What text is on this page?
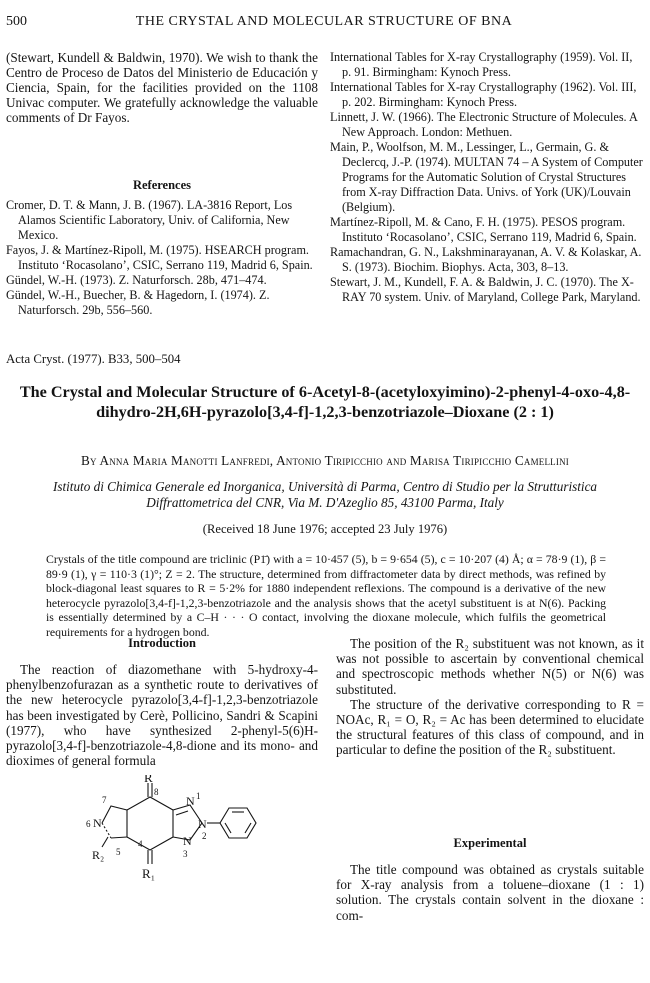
500	THE CRYSTAL AND MOLECULAR STRUCTURE OF BNA
(Stewart, Kundell & Baldwin, 1970). We wish to thank the Centro de Proceso de Datos del Ministerio de Educación y Ciencia, Spain, for the facilities provided on the 1108 Univac computer. We gratefully acknowledge the valuable comments of Dr Fayos.
References

Cromer, D. T. & Mann, J. B. (1967). LA-3816 Report, Los Alamos Scientific Laboratory, Univ. of California, New Mexico.

Fayos, J. & Martínez-Ripoll, M. (1975). HSEARCH program. Instituto ‘Rocasolano’, CSIC, Serrano 119, Madrid 6, Spain.

Gündel, W.-H. (1973). Z. Naturforsch. 28b, 471–474.

Gündel, W.-H., Buecher, B. & Hagedorn, I. (1974). Z. Naturforsch. 29b, 556–560.

International Tables for X-ray Crystallography (1959). Vol. II, p. 91. Birmingham: Kynoch Press.

International Tables for X-ray Crystallography (1962). Vol. III, p. 202. Birmingham: Kynoch Press.

Linnett, J. W. (1966). The Electronic Structure of Molecules. A New Approach. London: Methuen.

Main, P., Woolfson, M. M., Lessinger, L., Germain, G. & Declercq, J.-P. (1974). MULTAN 74 – A System of Computer Programs for the Automatic Solution of Crystal Structures from X-ray Diffraction Data. Univs. of York (UK)/Louvain (Belgium).

Martínez-Ripoll, M. & Cano, F. H. (1975). PESOS program. Instituto ‘Rocasolano’, CSIC, Serrano 119, Madrid 6, Spain.

Ramachandran, G. N., Lakshminarayanan, A. V. & Kolaskar, A. S. (1973). Biochim. Biophys. Acta, 303, 8–13.

Stewart, J. M., Kundell, F. A. & Baldwin, J. C. (1970). The X-RAY 70 system. Univ. of Maryland, College Park, Maryland.

Acta Cryst. (1977). B33, 500–504
The Crystal and Molecular Structure of 6-Acetyl-8-(acetyloxyimino)-2-phenyl-4-oxo-4,8-dihydro-2H,6H-pyrazolo[3,4-f]-1,2,3-benzotriazole–Dioxane (2 : 1)
By Anna Maria Manotti Lanfredi, Antonio Tiripicchio and Marisa Tiripicchio Camellini
Istituto di Chimica Generale ed Inorganica, Università di Parma, Centro di Studio per la Strutturistica Diffrattometrica del CNR, Via M. D'Azeglio 85, 43100 Parma, Italy
(Received 18 June 1976; accepted 23 July 1976)
Crystals of the title compound are triclinic (P1̄) with a = 10·457 (5), b = 9·654 (5), c = 10·207 (4) Å; α = 78·9 (1), β = 89·9 (1), γ = 110·3 (1)°; Z = 2. The structure, determined from diffractometer data by direct methods, was refined by block-diagonal least squares to R = 5·2% for 1880 independent reflexions. The compound is a derivative of the new heterocycle pyrazolo[3,4-f]-1,2,3-benzotriazole and the analysis shows that the acetyl substituent is at N(6). Packing is essentially determined by a C–H · · · O contact, involving the dioxane molecule, which fulfils the geometrical requirements for a hydrogen bond.
Introduction

The reaction of diazomethane with 5-hydroxy-4-phenylbenzofurazan as a synthetic route to derivatives of the new heterocycle pyrazolo[3,4-f]-1,2,3-benzotriazole has been investigated by Cerè, Pollicino, Sandri & Scapini (1977), who have synthesized 2-phenyl-5(6)H-pyrazolo[3,4-f]-benzotriazole-4,8-dione and its mono- and dioximes of general formula

The position of the R₂ substituent was not known, as it was not possible to ascertain by conventional chemical and spectroscopic methods whether N(5) or N(6) was substituted.

The structure of the derivative corresponding to R = NOAc, R₁ = O, R₂ = Ac has been determined to elucidate the structural features of this class of compound, and in particular to define the position of the R₂ substituent.

Experimental

The title compound was obtained as crystals suitable for X-ray analysis from a toluene–dioxane (1 : 1) solution. The crystals contain solvent in the dioxane : com-

R
8
N 1
N
2
N
3
R₁
4
7
6 N
R₂ 5
